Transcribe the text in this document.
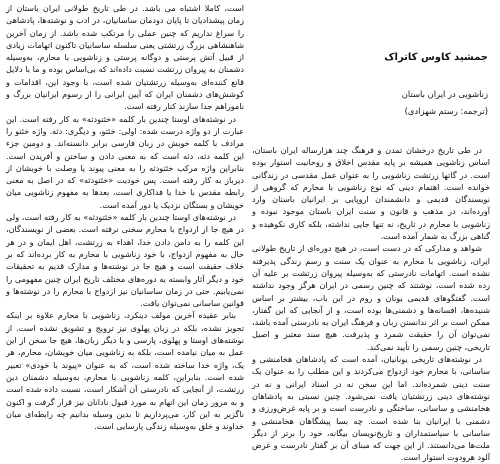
است، کاملا اشتباه می باشد. در طی تاریخ طولانی ایران باستان از زمان پیشدادیان تا پایان دودمان ساسانیان، در ادب و نوشته‌ها، پادشاهی را سراغ نداریم که چنین عملی را مرتکب شده باشد. از زمان آخرین شاهنشاهی بزرگ زرتشتی یعنی سلسله ساسانیان تاکنون اتهامات زیادی از قبیل آتش پرستی و دوگانه پرستی و زناشویی با محارم، به‌وسیله دشمنان به پیروان زرتشت نسبت داده‌اند که بی‌اساس بوده و ما با دلایل قانع کننده‌ای به‌وسیله زرتشتیان شده است، با وجود این، اقدامات و کوشش‌های دشمنان ایران که آیین ایرانی را از رسوم ایرانیان بزرگ و ناموراهم جدا سازند کنار رفته است.

در نوشته‌های اوستا چندین بار کلمه «خئتودثه» به کار رفته است. این عبارت از دو واژه درست شده: اولی: خئتو، و دیگری: دثه. واژه خئتو را مرادف با کلمه خویش در زبان فارسی برابر دانسته‌اند. و دومین جزء این کلمه دثه، دثه است که به معنی دادن و ساختن و آفریدن است. بنابراین واژه مرکب خئتودثه را به معنی پیوند یا وصلت با خویشان از دیرباز به کار رفته است. پس خودیت «خئتودثه» که در اصل به معنی رابطه مقدس با خدا یا فداکاری است، بعدها به مفهوم زناشویی میان خویشان و بستگان نزدیک یا دور آمده است.

در نوشته‌های اوستا چندین بار کلمه «خئتودثه» به کار رفته است، ولی در هیچ جا از ازدواج با محارم سخنی نرفته است. بعضی از نویسندگان، این کلمه را به دامن دادن خدا، اهداء به زرتشت، اهل ایمان و در هر حال به مفهوم ازدواج، با خود زناشویی با محارم به کار برده‌اند که بر خلاف حقیقت است و هیچ جا در نوشته‌ها و مدارک قدیم به تحقیقات خود و دیگر آثار وابسته به دوره‌های مختلف تاریخ ایران چنین مفهومی را نمی‌یابیم. حتی در زمان ساسانیان نیز ازدواج با محارم را در نوشته‌ها و قوانین ساسانی نمی‌توان یافت.

بنابر عقیده آخرین مولف دینکرد، زناشویی با محارم علاوه بر اینکه تجویز نشده، بلکه در زبان پهلوی نیز ترویج و تشویق نشده است. از نوشته‌های اوستا و پهلوی، پارسی و یا دیگر زبان‌ها، هیچ جا سخن از این عمل به میان نیامده است، بلکه به زناشویی میان خویشان، محارم، هر یک، واژه خدا ساخته شده است، که به عنوان «پیوند با خودی» تعبیر شده است. بنابراین، کلمه زناشویی با محارم، به‌وسیله دشمنان دین زرتشت، از آنجایی که نادرستی آن آشکار است، نسبت داده شده است و به مرور زمان این اتهام به مورد قبول نادانان نیز قرار گرفت و اکنون ناگزیر به این کار، می‌پردازیم تا بدین وسیله بدانیم چه رابطه‌ای میان خداوند و خلق به‌وسیله زندگی پارسایی است.

جمشید کاوس کاتراک
زناشویی در ایران باستان
(ترجمه: رستم شهزادی)

در طی تاریخ درخشان تمدن و فرهنگ چند هزارساله ایران باستان، اساس زناشویی همیشه بر پایه مقدس اخلاق و روحانیت استوار بوده است. در گاتها زرتشت زناشویی را به عنوان عمل مقدسی در زندگانی خوانده است. اهتمام دینی که نوع زناشویی با محارم که گروهی از نویسندگان قدیمی و دانشمندان اروپایی بر ایرانیان باستان وارد آورده‌اند، در مذهب و قانون و سنت ایران باستان موجود نبوده و زناشویی با محارم در تاریخ، نه تنها جایی نداشته، بلکه کاری نکوهیده و گناهی بزرگ به شمار آمده است.

شواهد و مدارکی که در دست است، در هیچ دوره‌ای از تاریخ طولانی ایران، زناشویی با محارم به عنوان یک سنت و رسم زندگی پذیرفته نشده است. اتهامات نادرستی که به‌وسیله پیروان زرتشت بر علیه آن زده شده است، نوشتند که چنین رسمی در ایران هرگز وجود نداشته است. گفتگوهای قدیمی یونان و روم در این باب، بیشتر بر اساس شنیده‌ها، افسانه‌ها و دشمنی‌ها بوده است، و از آنجایی که این گفتار، ممکن است بر اثر ندانستن زبان و فرهنگ ایران به نادرستی آمده باشد، نمی‌توان آن را حقیقت شمرد و پذیرفت. هیچ سند معتبر و اصیل تاریخی، چنین رسمی را تأیید نمی‌کند.

در نوشته‌های تاریخی یونانیان، آمده است که پادشاهان هخامنشی و ساسانی، با محارم خود ازدواج می‌کردند و این مطلب را به عنوان یک سنت دینی شمرده‌اند. اما این سخن نه در اسناد ایرانی و نه در نوشته‌های دینی زرتشتیان یافت نمی‌شود. چنین نسبتی به پادشاهان هخامنشی و ساسانی، ساختگی و نادرست است و بر پایه غرض‌ورزی و دشمنی با ایرانیان بنا شده است. چه بسا پیشگاهان هخامنشی و ساسانی با سیاستمداران و تاریخ‌نویسان بیگانه، خود را برتر از دیگر ملت‌ها می‌دانستند. از این جهت که مبنای آن بر گفتار نادرست و غرض آلود هرودوت استوار است.
